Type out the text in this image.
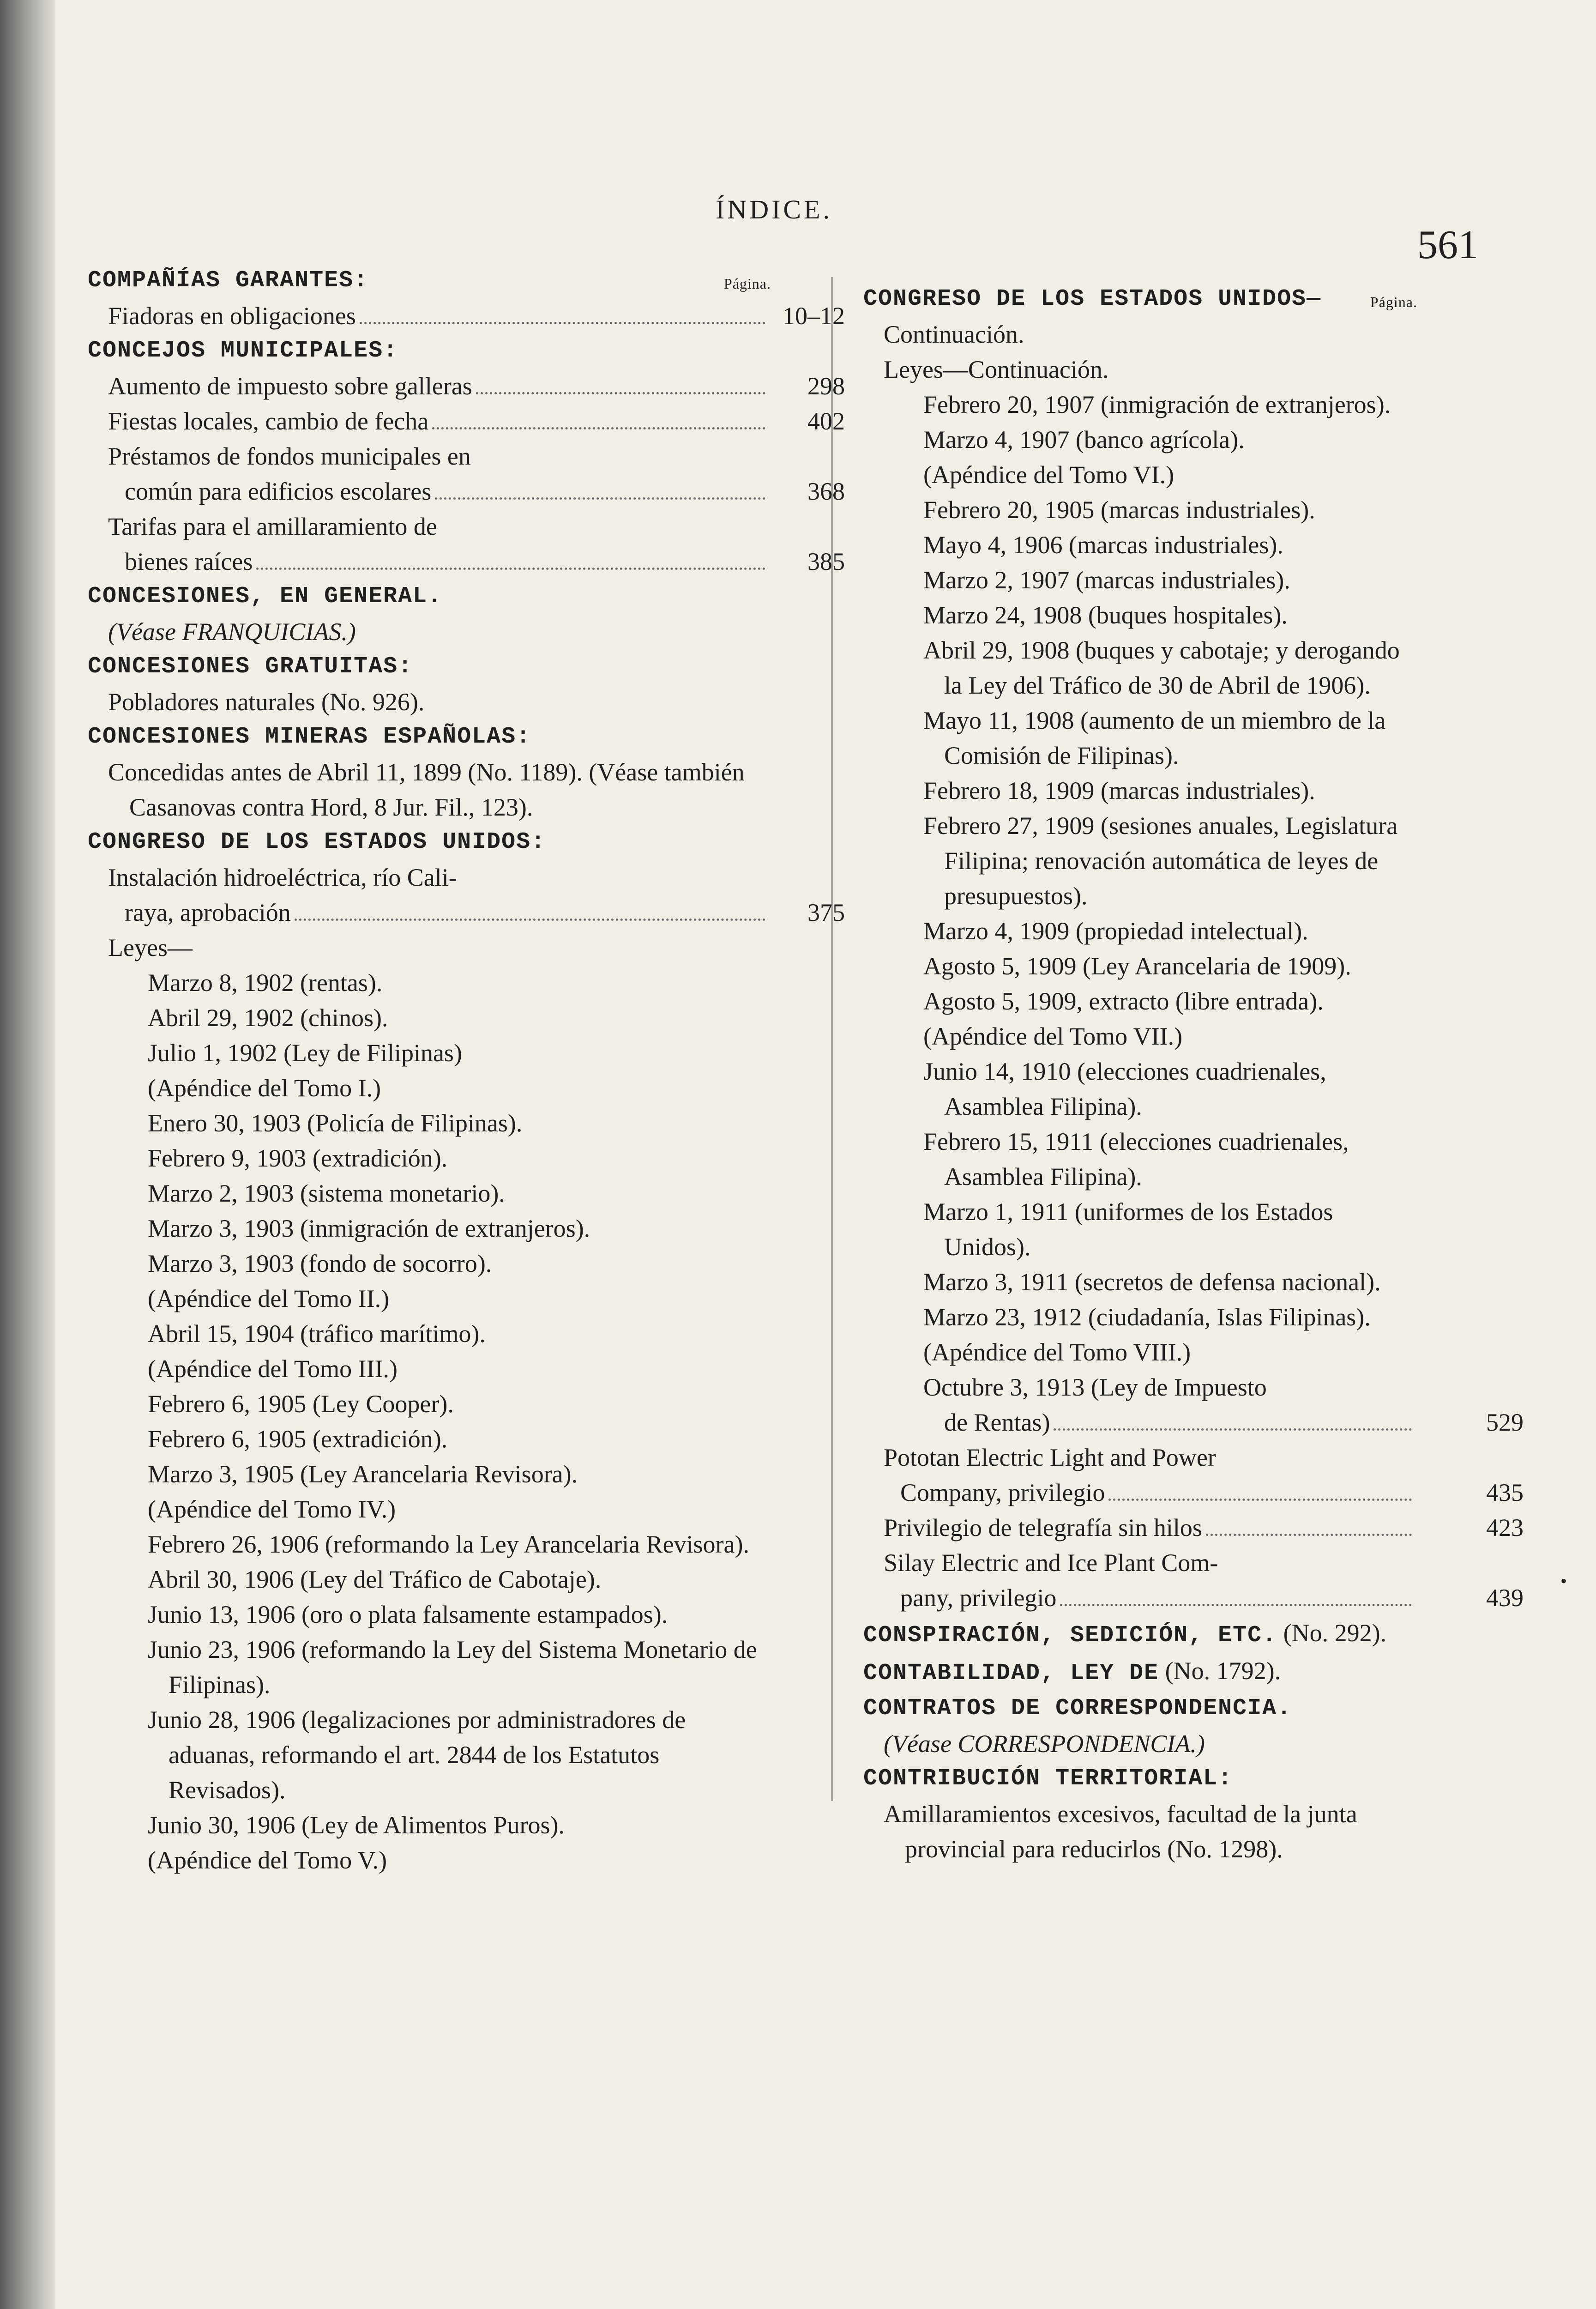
ÍNDICE.
561
COMPAÑÍAS GARANTES:	Página.
Fiadoras en obligaciones	10–12
CONCEJOS MUNICIPALES:
Aumento de impuesto sobre galleras	298
Fiestas locales, cambio de fecha	402
Préstamos de fondos municipales en
común para edificios escolares	368
Tarifas para el amillaramiento de
bienes raíces	385
CONCESIONES, EN GENERAL.
(Véase FRANQUICIAS.)
CONCESIONES GRATUITAS:
Pobladores naturales (No. 926).
CONCESIONES MINERAS ESPAÑOLAS:
Concedidas antes de Abril 11, 1899 (No. 1189). (Véase también Casanovas contra Hord, 8 Jur. Fil., 123).
CONGRESO DE LOS ESTADOS UNIDOS:
Instalación hidroeléctrica, río Cali-
raya, aprobación	375
Leyes—
Marzo 8, 1902 (rentas).
Abril 29, 1902 (chinos).
Julio 1, 1902 (Ley de Filipinas)
(Apéndice del Tomo I.)
Enero 30, 1903 (Policía de Filipinas).
Febrero 9, 1903 (extradición).
Marzo 2, 1903 (sistema monetario).
Marzo 3, 1903 (inmigración de extranjeros).
Marzo 3, 1903 (fondo de socorro).
(Apéndice del Tomo II.)
Abril 15, 1904 (tráfico marítimo).
(Apéndice del Tomo III.)
Febrero 6, 1905 (Ley Cooper).
Febrero 6, 1905 (extradición).
Marzo 3, 1905 (Ley Arancelaria Revisora).
(Apéndice del Tomo IV.)
Febrero 26, 1906 (reformando la Ley Arancelaria Revisora).
Abril 30, 1906 (Ley del Tráfico de Cabotaje).
Junio 13, 1906 (oro o plata falsamente estampados).
Junio 23, 1906 (reformando la Ley del Sistema Monetario de Filipinas).
Junio 28, 1906 (legalizaciones por administradores de aduanas, reformando el art. 2844 de los Estatutos Revisados).
Junio 30, 1906 (Ley de Alimentos Puros).
(Apéndice del Tomo V.)
CONGRESO DE LOS ESTADOS UNIDOS—	Página.
Continuación.
Leyes—Continuación.
Febrero 20, 1907 (inmigración de extranjeros).
Marzo 4, 1907 (banco agrícola).
(Apéndice del Tomo VI.)
Febrero 20, 1905 (marcas industriales).
Mayo 4, 1906 (marcas industriales).
Marzo 2, 1907 (marcas industriales).
Marzo 24, 1908 (buques hospitales).
Abril 29, 1908 (buques y cabotaje; y derogando la Ley del Tráfico de 30 de Abril de 1906).
Mayo 11, 1908 (aumento de un miembro de la Comisión de Filipinas).
Febrero 18, 1909 (marcas industriales).
Febrero 27, 1909 (sesiones anuales, Legislatura Filipina; renovación automática de leyes de presupuestos).
Marzo 4, 1909 (propiedad intelectual).
Agosto 5, 1909 (Ley Arancelaria de 1909).
Agosto 5, 1909, extracto (libre entrada).
(Apéndice del Tomo VII.)
Junio 14, 1910 (elecciones cuadrienales, Asamblea Filipina).
Febrero 15, 1911 (elecciones cuadrienales, Asamblea Filipina).
Marzo 1, 1911 (uniformes de los Estados Unidos).
Marzo 3, 1911 (secretos de defensa nacional).
Marzo 23, 1912 (ciudadanía, Islas Filipinas).
(Apéndice del Tomo VIII.)
Octubre 3, 1913 (Ley de Impuesto
de Rentas)	529
Pototan Electric Light and Power
Company, privilegio	435
Privilegio de telegrafía sin hilos	423
Silay Electric and Ice Plant Com-
pany, privilegio	439
CONSPIRACIÓN, SEDICIÓN, ETC. (No. 292).
CONTABILIDAD, LEY DE (No. 1792).
CONTRATOS DE CORRESPONDENCIA.
(Véase CORRESPONDENCIA.)
CONTRIBUCIÓN TERRITORIAL:
Amillaramientos excesivos, facultad de la junta provincial para reducirlos (No. 1298).
•
